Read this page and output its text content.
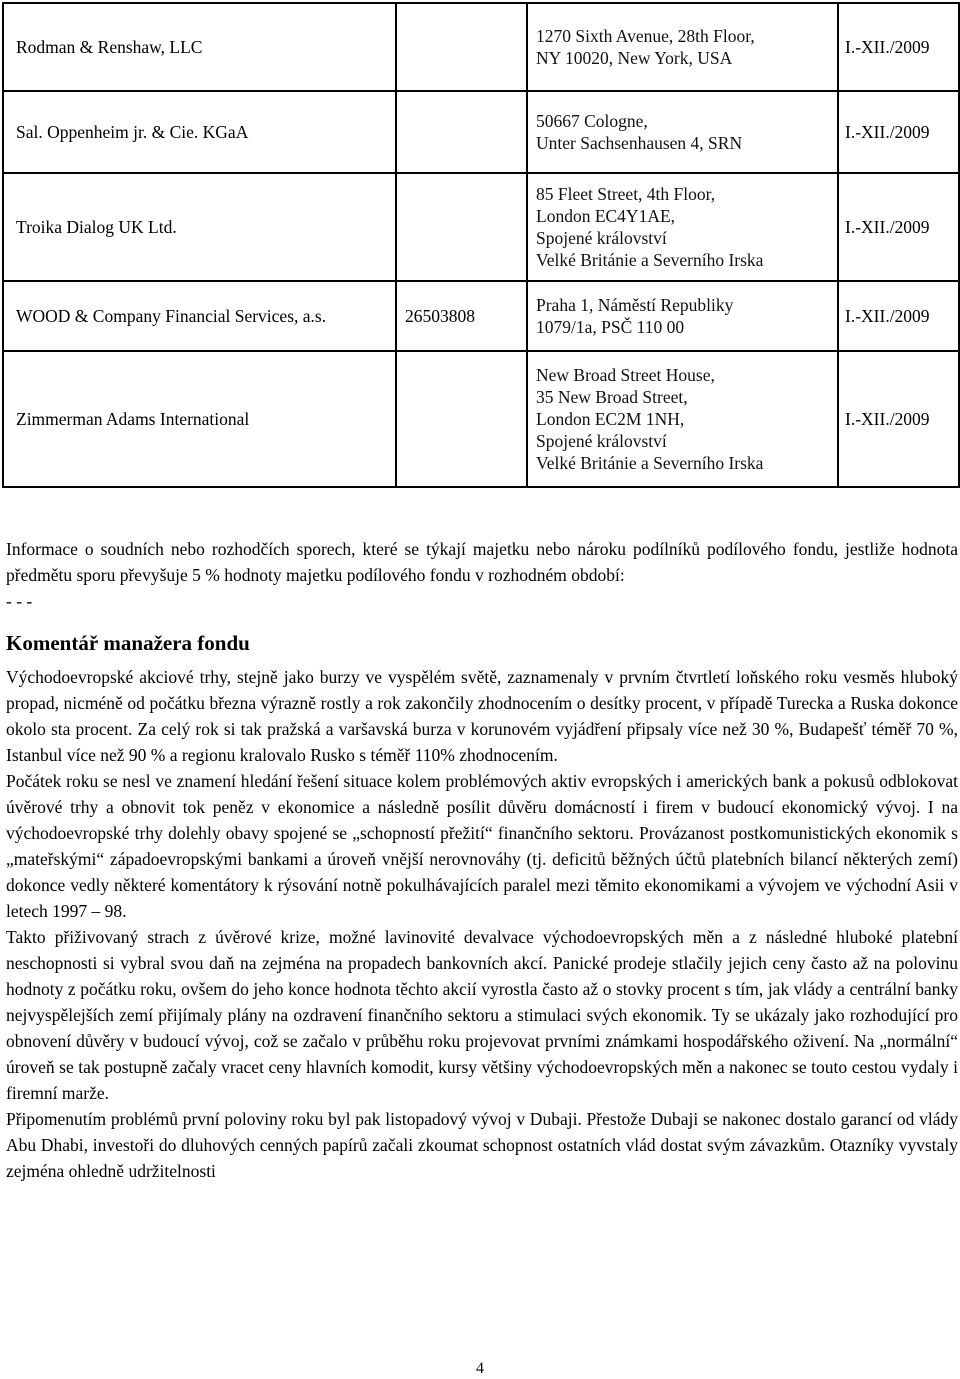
Rodman & Renshaw, LLC		1270 Sixth Avenue, 28th Floor,
NY 10020, New York, USA	I.-XII./2009
Sal. Oppenheim jr. & Cie. KGaA		50667 Cologne,
Unter Sachsenhausen 4, SRN	I.-XII./2009
Troika Dialog UK Ltd.		85 Fleet Street, 4th Floor,
London EC4Y1AE,
Spojené království
Velké Británie a Severního Irska	I.-XII./2009
WOOD & Company Financial Services, a.s.	26503808	Praha 1, Náměstí Republiky
1079/1a, PSČ 110 00	I.-XII./2009
Zimmerman Adams International		New Broad Street House,
35 New Broad Street,
London EC2M 1NH,
Spojené království
Velké Británie a Severního Irska	I.-XII./2009

Informace o soudních nebo rozhodčích sporech, které se týkají majetku nebo nároku podílníků podílového fondu, jestliže hodnota předmětu sporu převyšuje 5 % hodnoty majetku podílového fondu v rozhodném období:

- - -

Komentář manažera fondu

Východoevropské akciové trhy, stejně jako burzy ve vyspělém světě, zaznamenaly v prvním čtvrtletí loňského roku vesměs hluboký propad, nicméně od počátku března výrazně rostly a rok zakončily zhodnocením o desítky procent, v případě Turecka a Ruska dokonce okolo sta procent. Za celý rok si tak pražská a varšavská burza v korunovém vyjádření připsaly více než 30 %, Budapešť téměř 70 %, Istanbul více než 90 % a regionu kralovalo Rusko s téměř 110% zhodnocením.

Počátek roku se nesl ve znamení hledání řešení situace kolem problémových aktiv evropských i amerických bank a pokusů odblokovat úvěrové trhy a obnovit tok peněz v ekonomice a následně posílit důvěru domácností i firem v budoucí ekonomický vývoj. I na východoevropské trhy dolehly obavy spojené se „schopností přežití“ finančního sektoru. Provázanost postkomunistických ekonomik s „mateřskými“ západoevropskými bankami a úroveň vnější nerovnováhy (tj. deficitů běžných účtů platebních bilancí některých zemí) dokonce vedly některé komentátory k rýsování notně pokulhávajících paralel mezi těmito ekonomikami a vývojem ve východní Asii v letech 1997 – 98.

Takto přiživovaný strach z úvěrové krize, možné lavinovité devalvace východoevropských měn a z následné hluboké platební neschopnosti si vybral svou daň na zejména na propadech bankovních akcí. Panické prodeje stlačily jejich ceny často až na polovinu hodnoty z počátku roku, ovšem do jeho konce hodnota těchto akcií vyrostla často až o stovky procent s tím, jak vlády a centrální banky nejvyspělejších zemí přijímaly plány na ozdravení finančního sektoru a stimulaci svých ekonomik. Ty se ukázaly jako rozhodující pro obnovení důvěry v budoucí vývoj, což se začalo v průběhu roku projevovat prvními známkami hospodářského oživení. Na „normální“ úroveň se tak postupně začaly vracet ceny hlavních komodit, kursy většiny východoevropských měn a nakonec se touto cestou vydaly i firemní marže.

Připomenutím problémů první poloviny roku byl pak listopadový vývoj v Dubaji. Přestože Dubaji se nakonec dostalo garancí od vlády Abu Dhabi, investoři do dluhových cenných papírů začali zkoumat schopnost ostatních vlád dostat svým závazkům. Otazníky vyvstaly zejména ohledně udržitelnosti

4
